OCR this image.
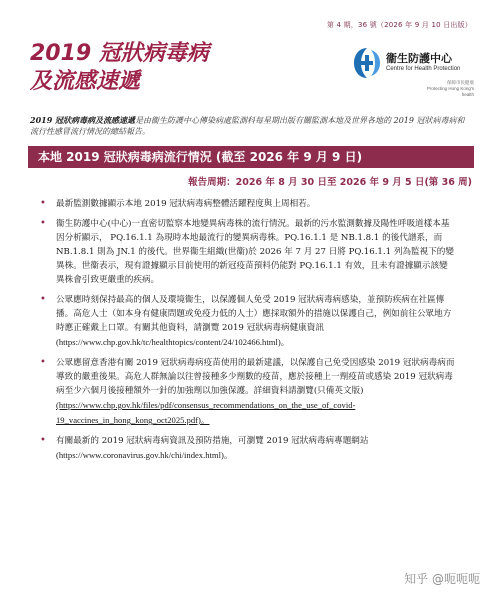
第 4 期，36 號（2026 年 9 月 10 日出版）
2019 冠狀病毒病
及流感速遞
衞生防護中心
Centre for Health Protection
保障市民健康
Protecting Hong Kong's health
2019 冠狀病毒病及流感速遞是由衞生防護中心傳染病處監測科每星期出版有關監測本地及世界各地的 2019 冠狀病毒病和流行性感冒流行情況的總結報告。
本地 2019 冠狀病毒病流行情況 (截至 2026 年 9 月 9 日)
報告周期：2026 年 8 月 30 日至 2026 年 9 月 5 日(第 36 周)
• 最新監測數據顯示本地 2019 冠狀病毒病整體活躍程度與上周相若。
• 衞生防護中心(中心)一直密切監察本地變異病毒株的流行情況。最新的污水監測數據及陽性呼吸道樣本基因分析顯示， PQ.16.1.1 為現時本地最流行的變異病毒株。PQ.16.1.1 是 NB.1.8.1 的後代譜系，而 NB.1.8.1 則為 JN.1 的後代。世界衞生組織(世衞)於 2026 年 7 月 27 日將 PQ.16.1.1 列為監視下的變異株。世衞表示，現有證據顯示目前使用的新冠疫苗預料仍能對 PQ.16.1.1 有效，且未有證據顯示該變異株會引致更嚴重的疾病。
• 公眾應時刻保持最高的個人及環境衞生，以保護個人免受 2019 冠狀病毒病感染，並預防疾病在社區傳播。高危人士（如本身有健康問題或免疫力低的人士）應採取額外的措施以保護自己，例如前往公眾地方時應正確戴上口罩。有關其他資料，請瀏覽 2019 冠狀病毒病健康資訊 (https://www.chp.gov.hk/tc/healthtopics/content/24/102466.html)。
• 公眾應留意香港有關 2019 冠狀病毒病疫苗使用的最新建議，以保護自己免受因感染 2019 冠狀病毒病而導致的嚴重後果。高危人群無論以往曾接種多少劑數的疫苗，應於接種上一劑疫苗或感染 2019 冠狀病毒病至少六個月後接種額外一針的加強劑以加強保護。詳細資料請瀏覽(只備英文版) (https://www.chp.gov.hk/files/pdf/consensus_recommendations_on_the_use_of_covid-19_vaccines_in_hong_kong_oct2025.pdf)。
• 有關最新的 2019 冠狀病毒病資訊及預防措施，可瀏覽 2019 冠狀病毒病專題網站 (https://www.coronavirus.gov.hk/chi/index.html)。
知乎 @呃呃呃
